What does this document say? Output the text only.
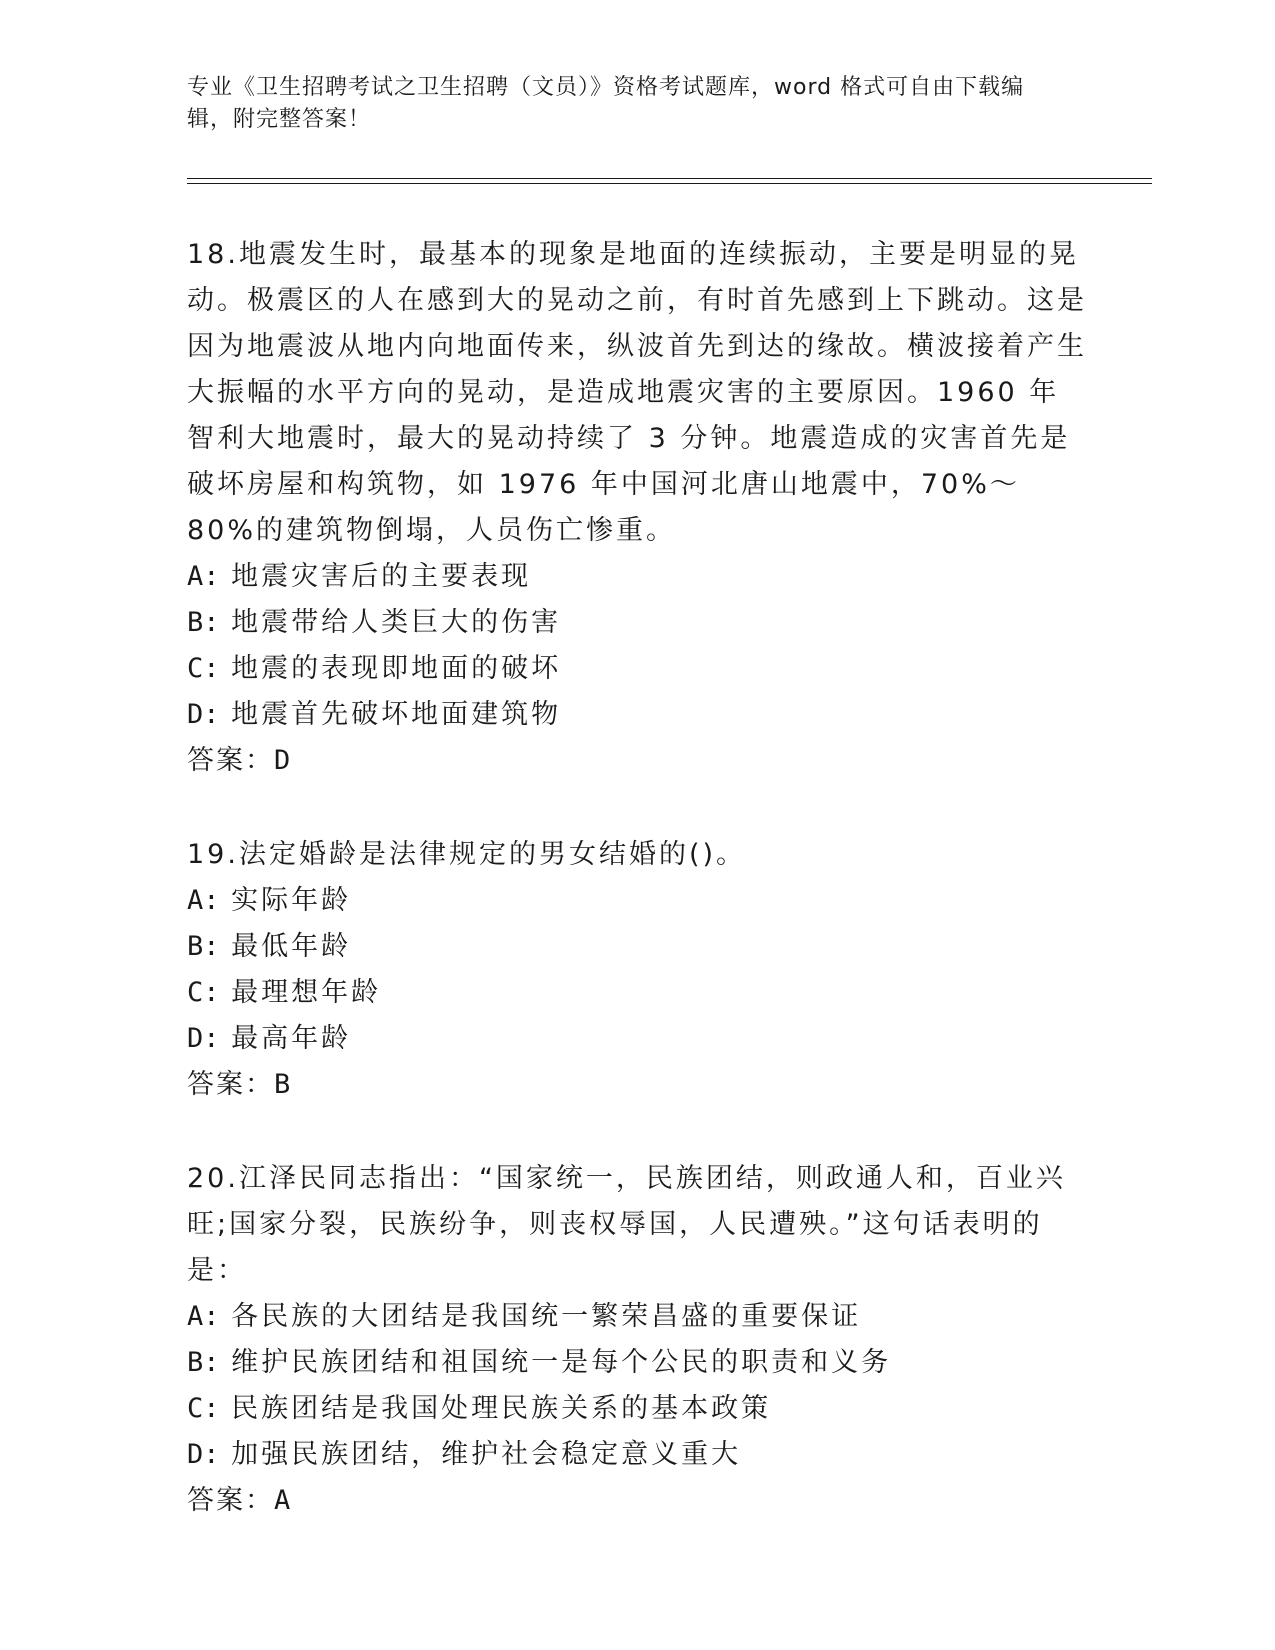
专业《卫生招聘考试之卫生招聘（文员）》资格考试题库，word 格式可自由下载编辑，附完整答案！

18.地震发生时，最基本的现象是地面的连续振动，主要是明显的晃动。极震区的人在感到大的晃动之前，有时首先感到上下跳动。这是因为地震波从地内向地面传来，纵波首先到达的缘故。横波接着产生大振幅的水平方向的晃动，是造成地震灾害的主要原因。1960 年智利大地震时，最大的晃动持续了 3 分钟。地震造成的灾害首先是破坏房屋和构筑物，如 1976 年中国河北唐山地震中，70%～80%的建筑物倒塌，人员伤亡惨重。

A: 地震灾害后的主要表现

B: 地震带给人类巨大的伤害

C: 地震的表现即地面的破坏

D: 地震首先破坏地面建筑物

答案：D

19.法定婚龄是法律规定的男女结婚的()。

A: 实际年龄

B: 最低年龄

C: 最理想年龄

D: 最高年龄

答案：B

20.江泽民同志指出：“国家统一，民族团结，则政通人和，百业兴旺;国家分裂，民族纷争，则丧权辱国，人民遭殃。”这句话表明的是：

A: 各民族的大团结是我国统一繁荣昌盛的重要保证

B: 维护民族团结和祖国统一是每个公民的职责和义务

C: 民族团结是我国处理民族关系的基本政策

D: 加强民族团结，维护社会稳定意义重大

答案：A
